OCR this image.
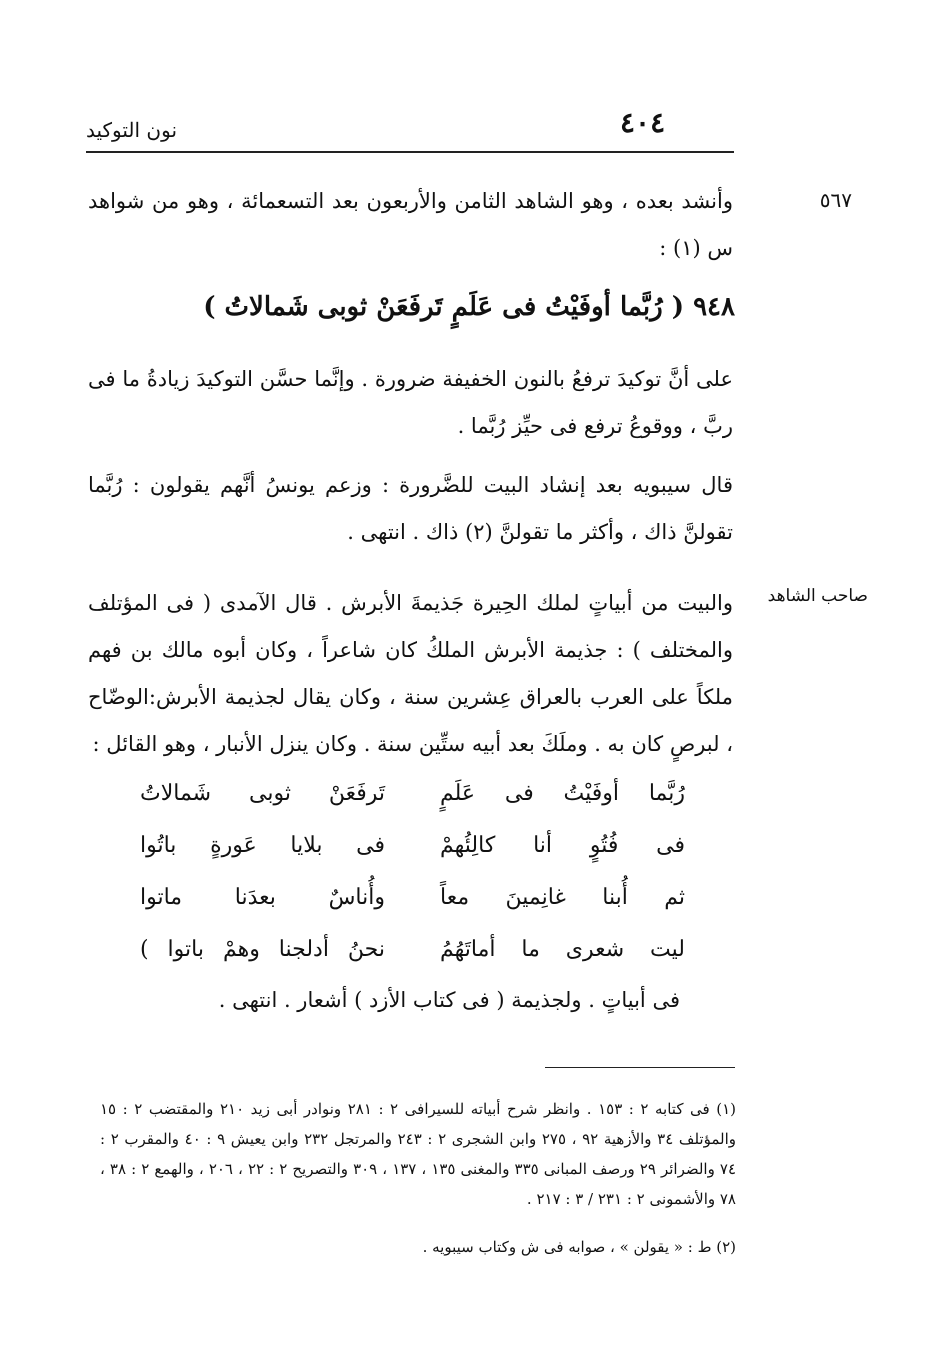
نون التوكيد	٤٠٤
٥٦٧
صاحب الشاهد
وأنشد بعده ، وهو الشاهد الثامن والأربعون بعد التسعمائة ، وهو من شواهد س (١) :
٩٤٨ ( رُبَّما أوفَيْتُ فى عَلَمٍ تَرفَعَنْ ثوبى شَمالاتُ )
على أنَّ توكيدَ ترفعُ بالنون الخفيفة ضرورة . وإنَّما حسَّن التوكيدَ زيادةُ ما فى ربَّ ، ووقوعُ ترفع فى حيِّز رُبَّما .
قال سيبويه بعد إنشاد البيت للضَّرورة : وزعم يونسُ أنَّهم يقولون : رُبَّما تقولنَّ ذاك ، وأكثر ما تقولنَّ (٢) ذاك . انتهى .
والبيت من أبياتٍ لملك الحِيرة جَذيمةَ الأبرش . قال الآمدى ( فى المؤتلف والمختلف ) : جذيمة الأبرش الملكُ كان شاعراً ، وكان أبوه مالك بن فهم ملكاً على العرب بالعراق عِشرين سنة ، وكان يقال لجذيمة الأبرش:الوضّاح ، لبرصٍ كان به . وملَكَ بعد أبيه ستِّين سنة . وكان ينزل الأنبار ، وهو القائل :
رُبَّما أوفَيْتُ فى عَلَمٍ
تَرفَعَنْ ثوبى شَمالاتُ
فى فُتُوٍ أنا كالِئُهمْ
فى بلايا عَورةٍ باتُوا
ثم أُبنا غانِمينَ معاً
وأُناسٌ بعدَنا ماتوا
ليت شعرى ما أماتَهُمُ
نحنُ أدلجنا وهمْ باتوا )
فى أبياتٍ . ولجذيمة ( فى كتاب الأزد ) أشعار . انتهى .
(١) فى كتابه ٢ : ١٥٣ . وانظر شرح أبياته للسيرافى ٢ : ٢٨١ ونوادر أبى زيد ٢١٠ والمقتضب ٢ : ١٥ والمؤتلف ٣٤ والأزهية ٩٢ ، ٢٧٥ وابن الشجرى ٢ : ٢٤٣ والمرتجل ٢٣٢ وابن يعيش ٩ : ٤٠ والمقرب ٢ : ٧٤ والضرائر ٢٩ ورصف المبانى ٣٣٥ والمغنى ١٣٥ ، ١٣٧ ، ٣٠٩ والتصريح ٢ : ٢٢ ، ٢٠٦ ، والهمع ٢ : ٣٨ ، ٧٨ والأشمونى ٢ : ٢٣١ / ٣ : ٢١٧ .
(٢) ط : « يقولن » ، صوابه فى ش وكتاب سيبويه .
